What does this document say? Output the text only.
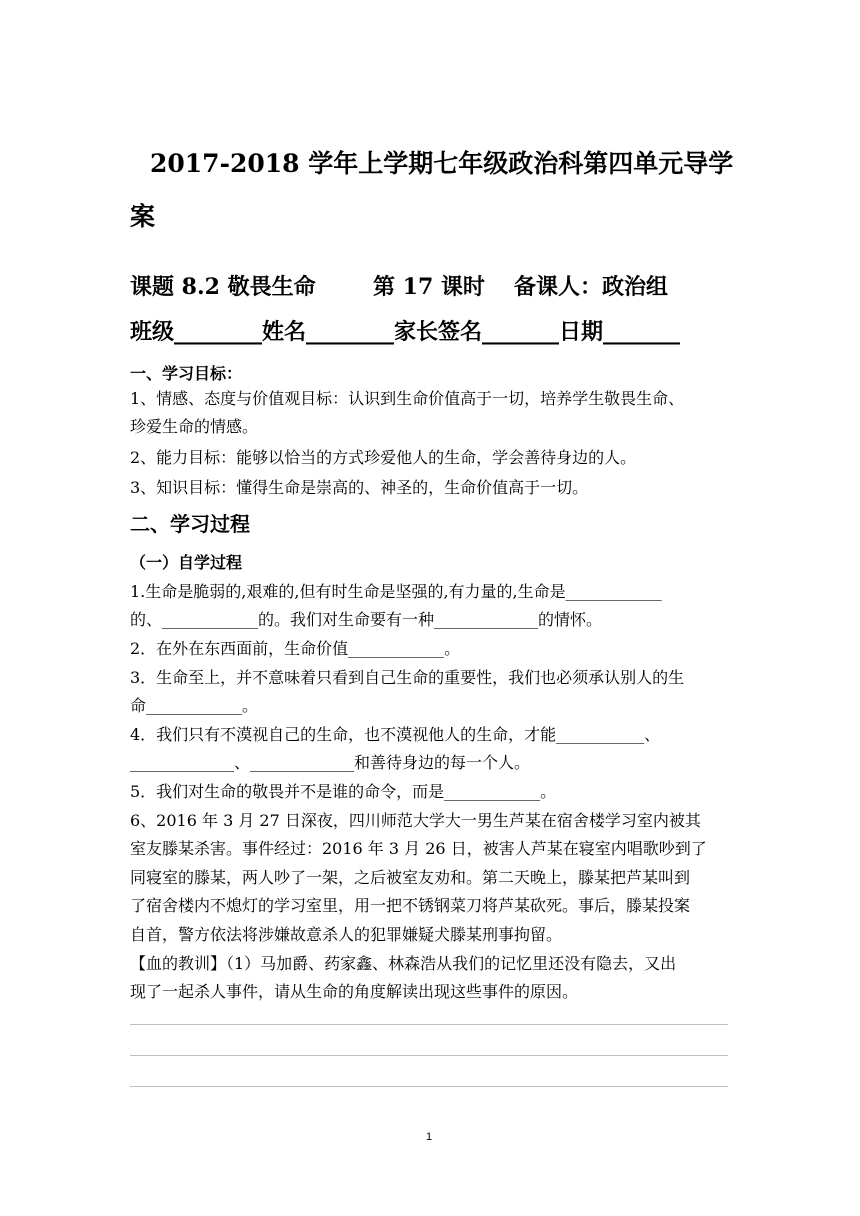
2017-2018 学年上学期七年级政治科第四单元导学
案
课题 8.2 敬畏生命	第 17 课时 备课人：政治组
班级________姓名________家长签名_______日期_______
一、学习目标：
1、情感、态度与价值观目标：认识到生命价值高于一切，培养学生敬畏生命、
珍爱生命的情感。
2、能力目标：能够以恰当的方式珍爱他人的生命，学会善待身边的人。
3、知识目标：懂得生命是崇高的、神圣的，生命价值高于一切。
二、学习过程
（一）自学过程
1.生命是脆弱的,艰难的,但有时生命是坚强的,有力量的,生命是____________
的、____________的。我们对生命要有一种_____________的情怀。
2．在外在东西面前，生命价值____________。
3．生命至上，并不意味着只看到自己生命的重要性，我们也必须承认别人的生
命____________。
4．我们只有不漠视自己的生命，也不漠视他人的生命，才能___________、
_____________、_____________和善待身边的每一个人。
5．我们对生命的敬畏并不是谁的命令，而是____________。
6、2016 年 3 月 27 日深夜，四川师范大学大一男生芦某在宿舍楼学习室内被其
室友滕某杀害。事件经过：2016 年 3 月 26 日，被害人芦某在寝室内唱歌吵到了
同寝室的滕某，两人吵了一架，之后被室友劝和。第二天晚上，滕某把芦某叫到
了宿舍楼内不熄灯的学习室里，用一把不锈钢菜刀将芦某砍死。事后，滕某投案
自首，警方依法将涉嫌故意杀人的犯罪嫌疑犬滕某刑事拘留。
【血的教训】（1）马加爵、药家鑫、林森浩从我们的记忆里还没有隐去，又出
现了一起杀人事件，请从生命的角度解读出现这些事件的原因。
1
